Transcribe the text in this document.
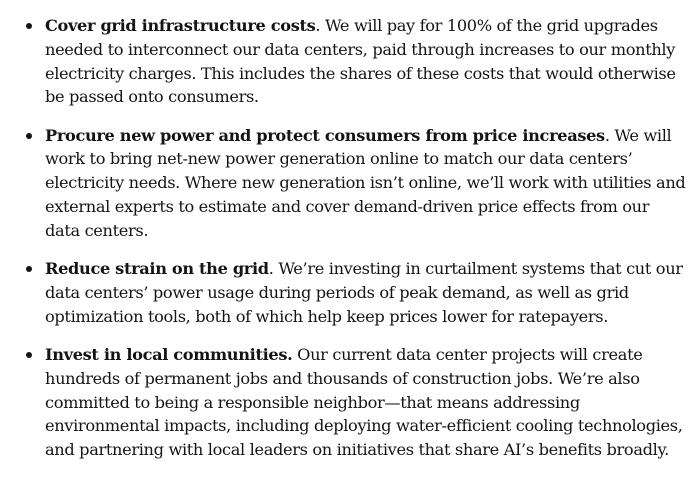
Cover grid infrastructure costs. We will pay for 100% of the grid upgrades needed to interconnect our data centers, paid through increases to our monthly electricity charges. This includes the shares of these costs that would otherwise be passed onto consumers.
Procure new power and protect consumers from price increases. We will work to bring net-new power generation online to match our data centers’ electricity needs. Where new generation isn’t online, we’ll work with utilities and external experts to estimate and cover demand-driven price effects from our data centers.
Reduce strain on the grid. We’re investing in curtailment systems that cut our data centers’ power usage during periods of peak demand, as well as grid optimization tools, both of which help keep prices lower for ratepayers.
Invest in local communities. Our current data center projects will create hundreds of permanent jobs and thousands of construction jobs. We’re also committed to being a responsible neighbor—that means addressing environmental impacts, including deploying water-efficient cooling technologies, and partnering with local leaders on initiatives that share AI’s benefits broadly.
